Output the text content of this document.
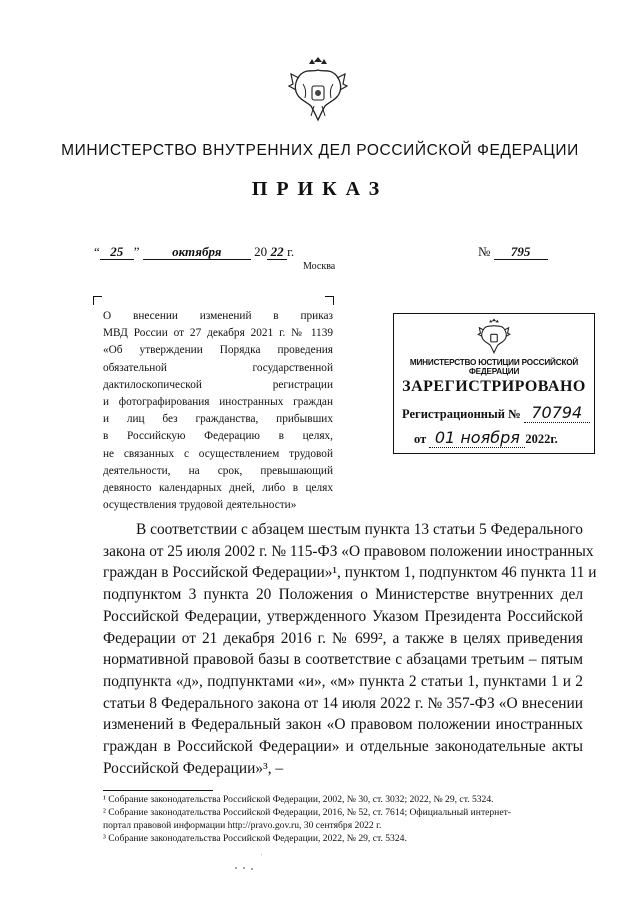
МИНИСТЕРСТВО ВНУТРЕННИХ ДЕЛ РОССИЙСКОЙ ФЕДЕРАЦИИ
ПРИКАЗ
“ 25 ”	октября	20 22 г.	№ 795
Москва
О внесении изменений в приказ
МВД России от 27 декабря 2021 г. № 1139
«Об утверждении Порядка проведения
обязательной государственной
дактилоскопической регистрации
и фотографирования иностранных граждан
и лиц без гражданства, прибывших
в Российскую Федерацию в целях,
не связанных с осуществлением трудовой
деятельности, на срок, превышающий
девяносто календарных дней, либо в целях
осуществления трудовой деятельности»
МИНИСТЕРСТВО ЮСТИЦИИ РОССИЙСКОЙ ФЕДЕРАЦИИ
ЗАРЕГИСТРИРОВАНО
Регистрационный № 70794
от 01 ноября 2022г.
В соответствии с абзацем шестым пункта 13 статьи 5 Федерального
закона от 25 июля 2002 г. № 115-ФЗ «О правовом положении иностранных
граждан в Российской Федерации»¹, пунктом 1, подпунктом 46 пункта 11 и
подпунктом 3 пункта 20 Положения о Министерстве внутренних дел
Российской Федерации, утвержденного Указом Президента Российской
Федерации от 21 декабря 2016 г. № 699², а также в целях приведения
нормативной правовой базы в соответствие с абзацами третьим – пятым
подпункта «д», подпунктами «и», «м» пункта 2 статьи 1, пунктами 1 и 2
статьи 8 Федерального закона от 14 июля 2022 г. № 357-ФЗ «О внесении
изменений в Федеральный закон «О правовом положении иностранных
граждан в Российской Федерации» и отдельные законодательные акты
Российской Федерации»³, –
¹ Собрание законодательства Российской Федерации, 2002, № 30, ст. 3032; 2022, № 29, ст. 5324.
² Собрание законодательства Российской Федерации, 2016, № 52, ст. 7614; Официальный интернет-
портал правовой информации http://pravo.gov.ru, 30 сентября 2022 г.
³ Собрание законодательства Российской Федерации, 2022, № 29, ст. 5324.
